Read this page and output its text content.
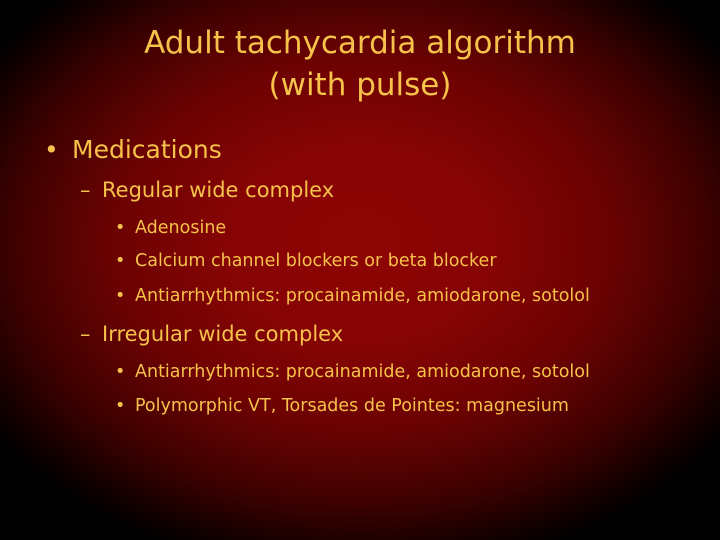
Adult tachycardia algorithm
(with pulse)
• Medications
– Regular wide complex
• Adenosine
• Calcium channel blockers or beta blocker
• Antiarrhythmics: procainamide, amiodarone, sotolol
– Irregular wide complex
• Antiarrhythmics: procainamide, amiodarone, sotolol
• Polymorphic VT, Torsades de Pointes: magnesium
